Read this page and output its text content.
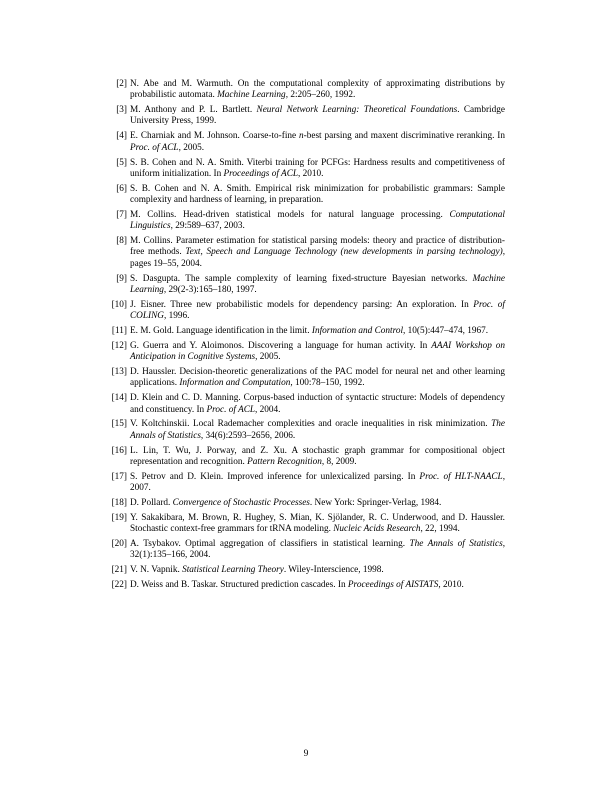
[2] N. Abe and M. Warmuth. On the computational complexity of approximating distributions by probabilistic automata. Machine Learning, 2:205–260, 1992.
[3] M. Anthony and P. L. Bartlett. Neural Network Learning: Theoretical Foundations. Cambridge University Press, 1999.
[4] E. Charniak and M. Johnson. Coarse-to-fine n-best parsing and maxent discriminative reranking. In Proc. of ACL, 2005.
[5] S. B. Cohen and N. A. Smith. Viterbi training for PCFGs: Hardness results and competitiveness of uniform initialization. In Proceedings of ACL, 2010.
[6] S. B. Cohen and N. A. Smith. Empirical risk minimization for probabilistic grammars: Sample complexity and hardness of learning, in preparation.
[7] M. Collins. Head-driven statistical models for natural language processing. Computational Linguistics, 29:589–637, 2003.
[8] M. Collins. Parameter estimation for statistical parsing models: theory and practice of distribution-free methods. Text, Speech and Language Technology (new developments in parsing technology), pages 19–55, 2004.
[9] S. Dasgupta. The sample complexity of learning fixed-structure Bayesian networks. Machine Learning, 29(2-3):165–180, 1997.
[10] J. Eisner. Three new probabilistic models for dependency parsing: An exploration. In Proc. of COLING, 1996.
[11] E. M. Gold. Language identification in the limit. Information and Control, 10(5):447–474, 1967.
[12] G. Guerra and Y. Aloimonos. Discovering a language for human activity. In AAAI Workshop on Anticipation in Cognitive Systems, 2005.
[13] D. Haussler. Decision-theoretic generalizations of the PAC model for neural net and other learning applications. Information and Computation, 100:78–150, 1992.
[14] D. Klein and C. D. Manning. Corpus-based induction of syntactic structure: Models of dependency and constituency. In Proc. of ACL, 2004.
[15] V. Koltchinskii. Local Rademacher complexities and oracle inequalities in risk minimization. The Annals of Statistics, 34(6):2593–2656, 2006.
[16] L. Lin, T. Wu, J. Porway, and Z. Xu. A stochastic graph grammar for compositional object representation and recognition. Pattern Recognition, 8, 2009.
[17] S. Petrov and D. Klein. Improved inference for unlexicalized parsing. In Proc. of HLT-NAACL, 2007.
[18] D. Pollard. Convergence of Stochastic Processes. New York: Springer-Verlag, 1984.
[19] Y. Sakakibara, M. Brown, R. Hughey, S. Mian, K. Sjölander, R. C. Underwood, and D. Haussler. Stochastic context-free grammars for tRNA modeling. Nucleic Acids Research, 22, 1994.
[20] A. Tsybakov. Optimal aggregation of classifiers in statistical learning. The Annals of Statistics, 32(1):135–166, 2004.
[21] V. N. Vapnik. Statistical Learning Theory. Wiley-Interscience, 1998.
[22] D. Weiss and B. Taskar. Structured prediction cascades. In Proceedings of AISTATS, 2010.
9
